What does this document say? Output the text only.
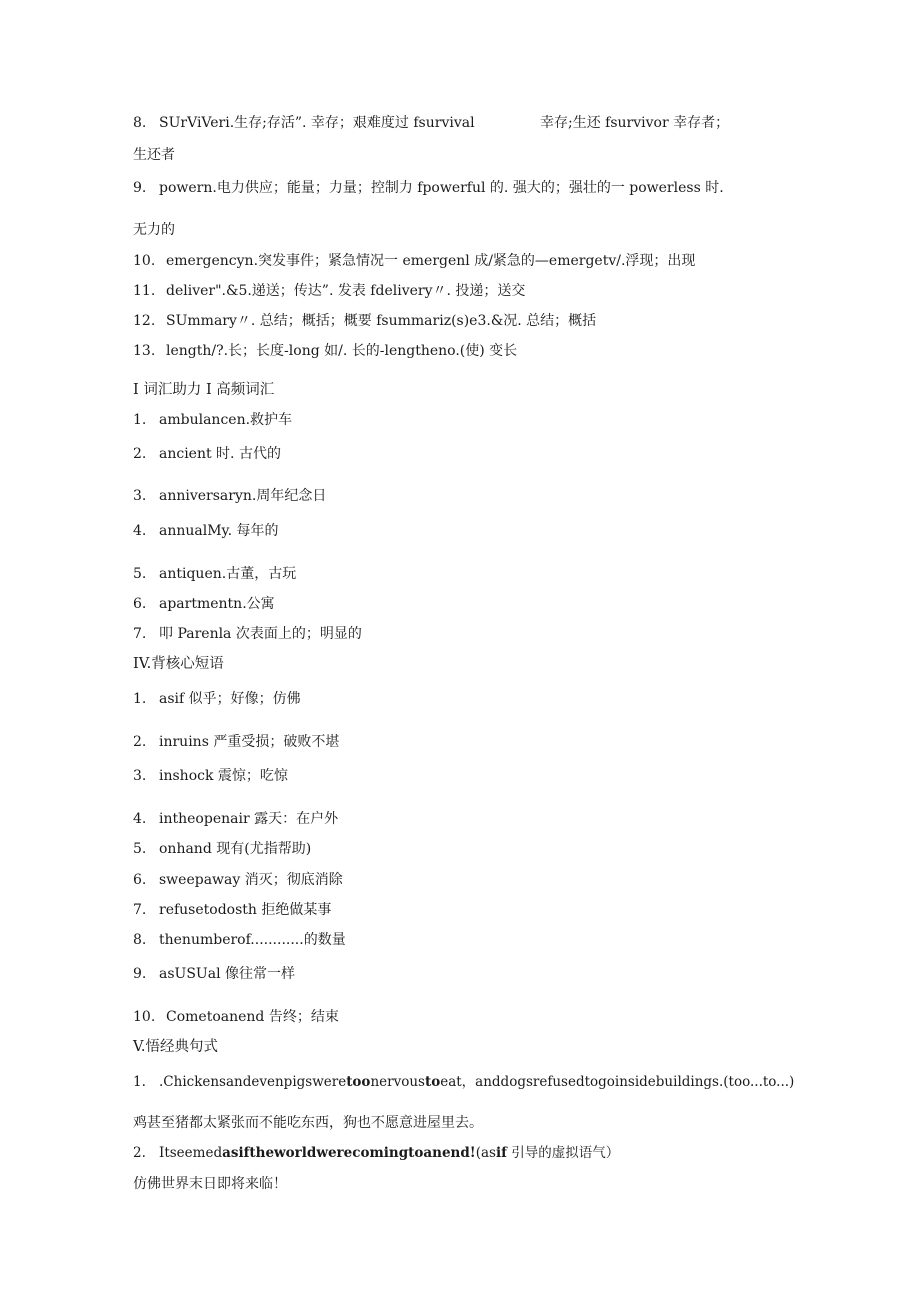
8. SUrViVeri.生存;存活”. 幸存；艰难度过 fsurvival	幸存;生还 fsurvivor 幸存者；
生还者
9. powern.电力供应；能量；力量；控制力 fpowerful 的. 强大的；强壮的一 powerless 时.
无力的
10. emergencyn.突发事件；紧急情况一 emergenl 成/紧急的—emergetv/.浮现；出现
11. deliver".&5.递送；传达”. 发表 fdelivery〃. 投递；送交
12. SUmmary〃. 总结；概括；概要 fsummariz(s)e3.&况. 总结；概括
13. length/?.长；长度-long 如/. 长的-lengtheno.(使) 变长
I 词汇助力 I 高频词汇
1. ambulancen.救护车
2. ancient 时. 古代的
3. anniversaryn.周年纪念日
4. annualMy. 每年的
5. antiquen.古董，古玩
6. apartmentn.公寓
7. 叩 Parenla 次表面上的；明显的
IV.背核心短语
1. asif 似乎；好像；仿佛
2. inruins 严重受损；破败不堪
3. inshock 震惊；吃惊
4. intheopenair 露天：在户外
5. onhand 现有(尤指帮助)
6. sweepaway 消灭；彻底消除
7. refusetodosth 拒绝做某事
8. thenumberof............的数量
9. asUSUal 像往常一样
10. Cometoanend 告终；结束
V.悟经典句式
1. .Chickensandevenpigsweretoonervoustoeat，anddogsrefusedtogoinsidebuildings.(too...to...)
鸡甚至猪都太紧张而不能吃东西，狗也不愿意进屋里去。
2. Itseemedasiftheworldwerecomingtoanend!(asif 引导的虚拟语气）
仿佛世界末日即将来临！
